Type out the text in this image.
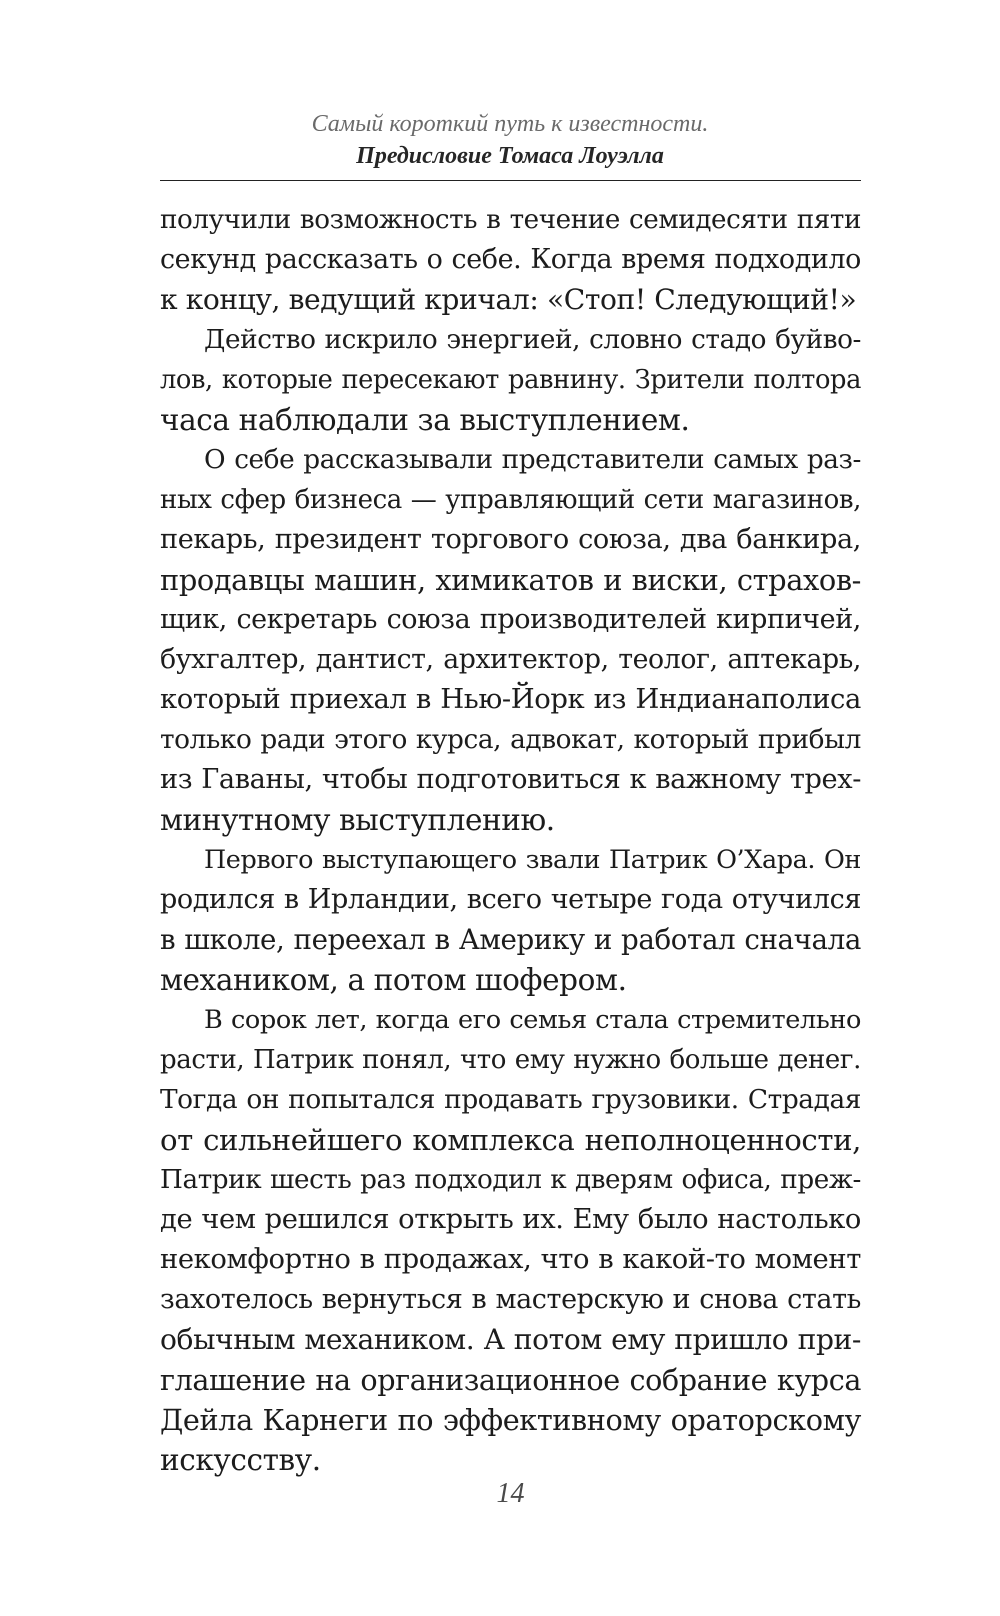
Самый короткий путь к известности.
Предисловие Томаса Лоуэлла
получили возможность в течение семидесяти пяти
секунд рассказать о себе. Когда время подходило
к концу, ведущий кричал: «Стоп! Следующий!»
Действо искрило энергией, словно стадо буйво-
лов, которые пересекают равнину. Зрители полтора
часа наблюдали за выступлением.
О себе рассказывали представители самых раз-
ных сфер бизнеса — управляющий сети магазинов,
пекарь, президент торгового союза, два банкира,
продавцы машин, химикатов и виски, страхов-
щик, секретарь союза производителей кирпичей,
бухгалтер, дантист, архитектор, теолог, аптекарь,
который приехал в Нью-Йорк из Индианаполиса
только ради этого курса, адвокат, который прибыл
из Гаваны, чтобы подготовиться к важному трех-
минутному выступлению.
Первого выступающего звали Патрик О’Хара. Он
родился в Ирландии, всего четыре года отучился
в школе, переехал в Америку и работал сначала
механиком, а потом шофером.
В сорок лет, когда его семья стала стремительно
расти, Патрик понял, что ему нужно больше денег.
Тогда он попытался продавать грузовики. Страдая
от сильнейшего комплекса неполноценности,
Патрик шесть раз подходил к дверям офиса, преж-
де чем решился открыть их. Ему было настолько
некомфортно в продажах, что в какой-то момент
захотелось вернуться в мастерскую и снова стать
обычным механиком. А потом ему пришло при-
глашение на организационное собрание курса
Дейла Карнеги по эффективному ораторскому
искусству.
14
